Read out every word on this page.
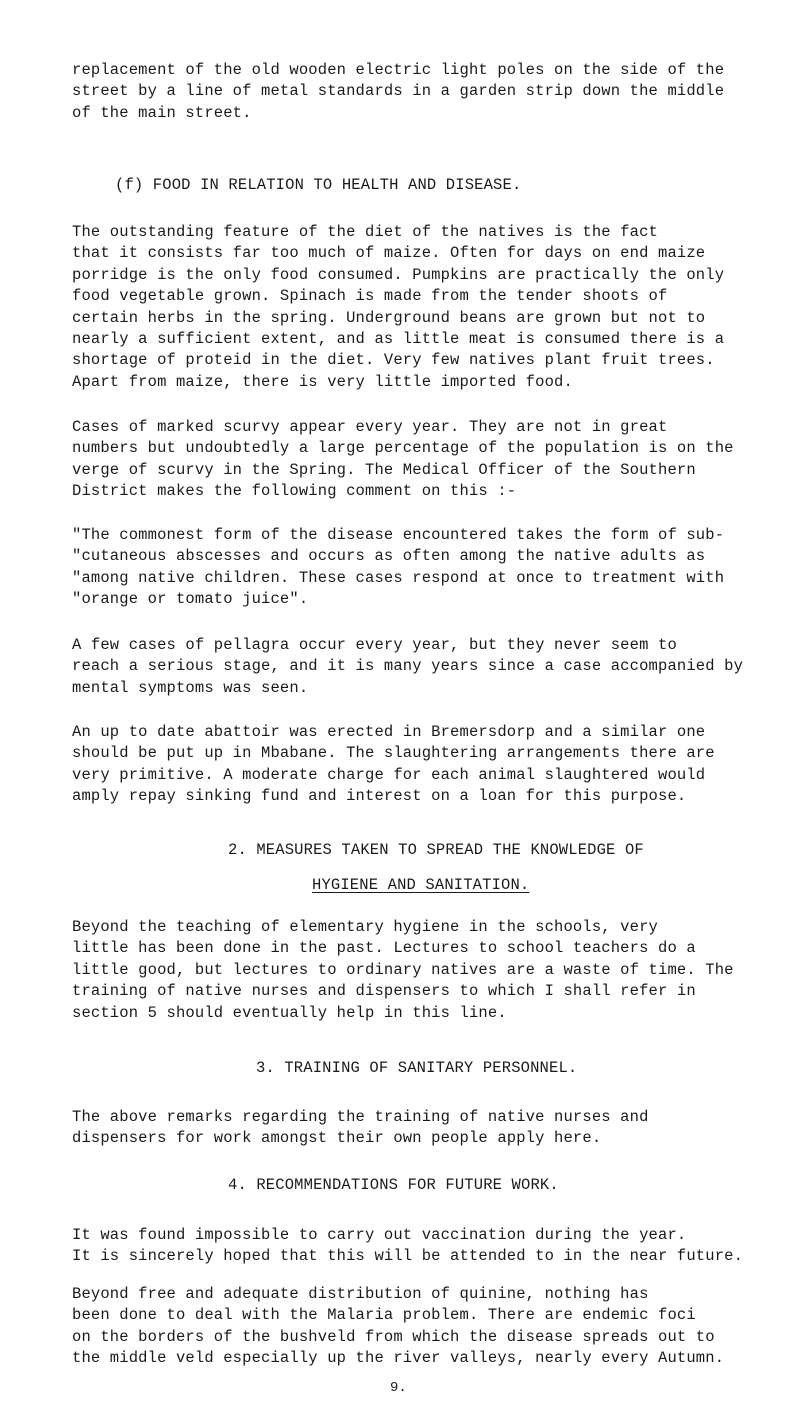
replacement of the old wooden electric light poles on the side of the
street by a line of metal standards in a garden strip down the middle
of the main street.

(f) FOOD IN RELATION TO HEALTH AND DISEASE.

The outstanding feature of the diet of the natives is the fact
that it consists far too much of maize. Often for days on end maize
porridge is the only food consumed. Pumpkins are practically the only
food vegetable grown. Spinach is made from the tender shoots of
certain herbs in the spring. Underground beans are grown but not to
nearly a sufficient extent, and as little meat is consumed there is a
shortage of proteid in the diet. Very few natives plant fruit trees.
Apart from maize, there is very little imported food.
Cases of marked scurvy appear every year. They are not in great
numbers but undoubtedly a large percentage of the population is on the
verge of scurvy in the Spring. The Medical Officer of the Southern
District makes the following comment on this :-
"The commonest form of the disease encountered takes the form of sub-
"cutaneous abscesses and occurs as often among the native adults as
"among native children. These cases respond at once to treatment with
"orange or tomato juice".
A few cases of pellagra occur every year, but they never seem to
reach a serious stage, and it is many years since a case accompanied by
mental symptoms was seen.
An up to date abattoir was erected in Bremersdorp and a similar one
should be put up in Mbabane. The slaughtering arrangements there are
very primitive. A moderate charge for each animal slaughtered would
amply repay sinking fund and interest on a loan for this purpose.

2. MEASURES TAKEN TO SPREAD THE KNOWLEDGE OF

HYGIENE AND SANITATION.

Beyond the teaching of elementary hygiene in the schools, very
little has been done in the past. Lectures to school teachers do a
little good, but lectures to ordinary natives are a waste of time. The
training of native nurses and dispensers to which I shall refer in
section 5 should eventually help in this line.

3. TRAINING OF SANITARY PERSONNEL.

The above remarks regarding the training of native nurses and
dispensers for work amongst their own people apply here.

4. RECOMMENDATIONS FOR FUTURE WORK.

It was found impossible to carry out vaccination during the year.
It is sincerely hoped that this will be attended to in the near future.
Beyond free and adequate distribution of quinine, nothing has
been done to deal with the Malaria problem. There are endemic foci
on the borders of the bushveld from which the disease spreads out to
the middle veld especially up the river valleys, nearly every Autumn.
9.
